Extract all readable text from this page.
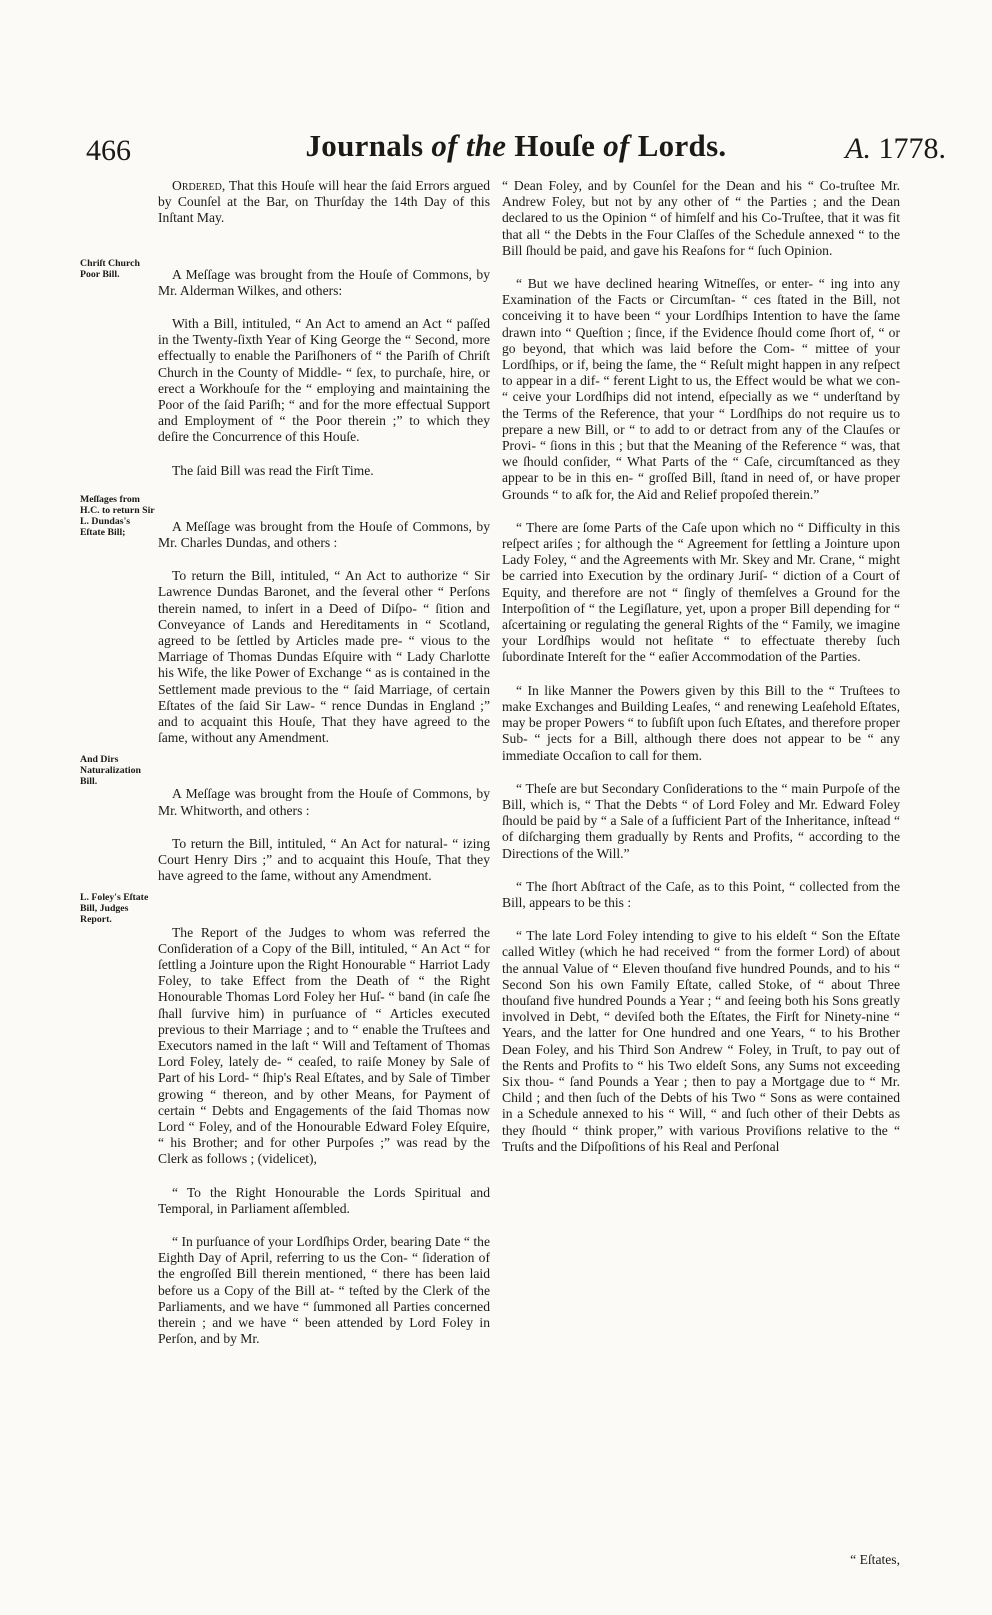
466	Journals of the Houſe of Lords.	A. 1778.
Chriſt Church Poor Bill.
Meſſages from H.C. to return Sir L. Dundas's Eſtate Bill;
And Dirs Naturalization Bill.
L. Foley's Eſtate Bill, Judges Report.

Ordered, That this Houſe will hear the ſaid Errors argued by Counſel at the Bar, on Thurſday the 14th Day of this Inſtant May.

A Meſſage was brought from the Houſe of Commons, by Mr. Alderman Wilkes, and others:

With a Bill, intituled, “ An Act to amend an Act “ paſſed in the Twenty-ſixth Year of King George the “ Second, more effectually to enable the Pariſhoners of “ the Pariſh of Chriſt Church in the County of Middle- “ ſex, to purchaſe, hire, or erect a Workhouſe for the “ employing and maintaining the Poor of the ſaid Pariſh; “ and for the more effectual Support and Employment of “ the Poor therein ;” to which they deſire the Concurrence of this Houſe.

The ſaid Bill was read the Firſt Time.

A Meſſage was brought from the Houſe of Commons, by Mr. Charles Dundas, and others :

To return the Bill, intituled, “ An Act to authorize “ Sir Lawrence Dundas Baronet, and the ſeveral other “ Perſons therein named, to inſert in a Deed of Diſpo- “ ſition and Conveyance of Lands and Hereditaments in “ Scotland, agreed to be ſettled by Articles made pre- “ vious to the Marriage of Thomas Dundas Eſquire with “ Lady Charlotte his Wife, the like Power of Exchange “ as is contained in the Settlement made previous to the “ ſaid Marriage, of certain Eſtates of the ſaid Sir Law- “ rence Dundas in England ;” and to acquaint this Houſe, That they have agreed to the ſame, without any Amendment.

A Meſſage was brought from the Houſe of Commons, by Mr. Whitworth, and others :

To return the Bill, intituled, “ An Act for natural- “ izing Court Henry Dirs ;” and to acquaint this Houſe, That they have agreed to the ſame, without any Amendment.

The Report of the Judges to whom was referred the Conſideration of a Copy of the Bill, intituled, “ An Act “ for ſettling a Jointure upon the Right Honourable “ Harriot Lady Foley, to take Effect from the Death of “ the Right Honourable Thomas Lord Foley her Huſ- “ band (in caſe ſhe ſhall ſurvive him) in purſuance of “ Articles executed previous to their Marriage ; and to “ enable the Truſtees and Executors named in the laſt “ Will and Teſtament of Thomas Lord Foley, lately de- “ ceaſed, to raiſe Money by Sale of Part of his Lord- “ ſhip's Real Eſtates, and by Sale of Timber growing “ thereon, and by other Means, for Payment of certain “ Debts and Engagements of the ſaid Thomas now Lord “ Foley, and of the Honourable Edward Foley Eſquire, “ his Brother; and for other Purpoſes ;” was read by the Clerk as follows ; (videlicet),

“ To the Right Honourable the Lords Spiritual and Temporal, in Parliament aſſembled.

“ In purſuance of your Lordſhips Order, bearing Date “ the Eighth Day of April, referring to us the Con- “ ſideration of the engroſſed Bill therein mentioned, “ there has been laid before us a Copy of the Bill at- “ teſted by the Clerk of the Parliaments, and we have “ ſummoned all Parties concerned therein ; and we have “ been attended by Lord Foley in Perſon, and by Mr.

“ Dean Foley, and by Counſel for the Dean and his “ Co-truſtee Mr. Andrew Foley, but not by any other of “ the Parties ; and the Dean declared to us the Opinion “ of himſelf and his Co-Truſtee, that it was fit that all “ the Debts in the Four Claſſes of the Schedule annexed “ to the Bill ſhould be paid, and gave his Reaſons for “ ſuch Opinion.

“ But we have declined hearing Witneſſes, or enter- “ ing into any Examination of the Facts or Circumſtan- “ ces ſtated in the Bill, not conceiving it to have been “ your Lordſhips Intention to have the ſame drawn into “ Queſtion ; ſince, if the Evidence ſhould come ſhort of, “ or go beyond, that which was laid before the Com- “ mittee of your Lordſhips, or if, being the ſame, the “ Reſult might happen in any reſpect to appear in a dif- “ ferent Light to us, the Effect would be what we con- “ ceive your Lordſhips did not intend, eſpecially as we “ underſtand by the Terms of the Reference, that your “ Lordſhips do not require us to prepare a new Bill, or “ to add to or detract from any of the Clauſes or Provi- “ ſions in this ; but that the Meaning of the Reference “ was, that we ſhould conſider, “ What Parts of the “ Caſe, circumſtanced as they appear to be in this en- “ groſſed Bill, ſtand in need of, or have proper Grounds “ to aſk for, the Aid and Relief propoſed therein.”

“ There are ſome Parts of the Caſe upon which no “ Difficulty in this reſpect ariſes ; for although the “ Agreement for ſettling a Jointure upon Lady Foley, “ and the Agreements with Mr. Skey and Mr. Crane, “ might be carried into Execution by the ordinary Juriſ- “ diction of a Court of Equity, and therefore are not “ ſingly of themſelves a Ground for the Interpoſition of “ the Legiſlature, yet, upon a proper Bill depending for “ aſcertaining or regulating the general Rights of the “ Family, we imagine your Lordſhips would not heſitate “ to effectuate thereby ſuch ſubordinate Intereſt for the “ eaſier Accommodation of the Parties.

“ In like Manner the Powers given by this Bill to the “ Truſtees to make Exchanges and Building Leaſes, “ and renewing Leaſehold Eſtates, may be proper Powers “ to ſubſiſt upon ſuch Eſtates, and therefore proper Sub- “ jects for a Bill, although there does not appear to be “ any immediate Occaſion to call for them.

“ Theſe are but Secondary Conſiderations to the “ main Purpoſe of the Bill, which is, “ That the Debts “ of Lord Foley and Mr. Edward Foley ſhould be paid by “ a Sale of a ſufficient Part of the Inheritance, inſtead “ of diſcharging them gradually by Rents and Profits, “ according to the Directions of the Will.”

“ The ſhort Abſtract of the Caſe, as to this Point, “ collected from the Bill, appears to be this :

“ The late Lord Foley intending to give to his eldeſt “ Son the Eſtate called Witley (which he had received “ from the former Lord) of about the annual Value of “ Eleven thouſand five hundred Pounds, and to his “ Second Son his own Family Eſtate, called Stoke, of “ about Three thouſand five hundred Pounds a Year ; “ and ſeeing both his Sons greatly involved in Debt, “ deviſed both the Eſtates, the Firſt for Ninety-nine “ Years, and the latter for One hundred and one Years, “ to his Brother Dean Foley, and his Third Son Andrew “ Foley, in Truſt, to pay out of the Rents and Profits to “ his Two eldeſt Sons, any Sums not exceeding Six thou- “ ſand Pounds a Year ; then to pay a Mortgage due to “ Mr. Child ; and then ſuch of the Debts of his Two “ Sons as were contained in a Schedule annexed to his “ Will, “ and ſuch other of their Debts as they ſhould “ think proper,” with various Proviſions relative to the “ Truſts and the Diſpoſitions of his Real and Perſonal

“ Eſtates,
